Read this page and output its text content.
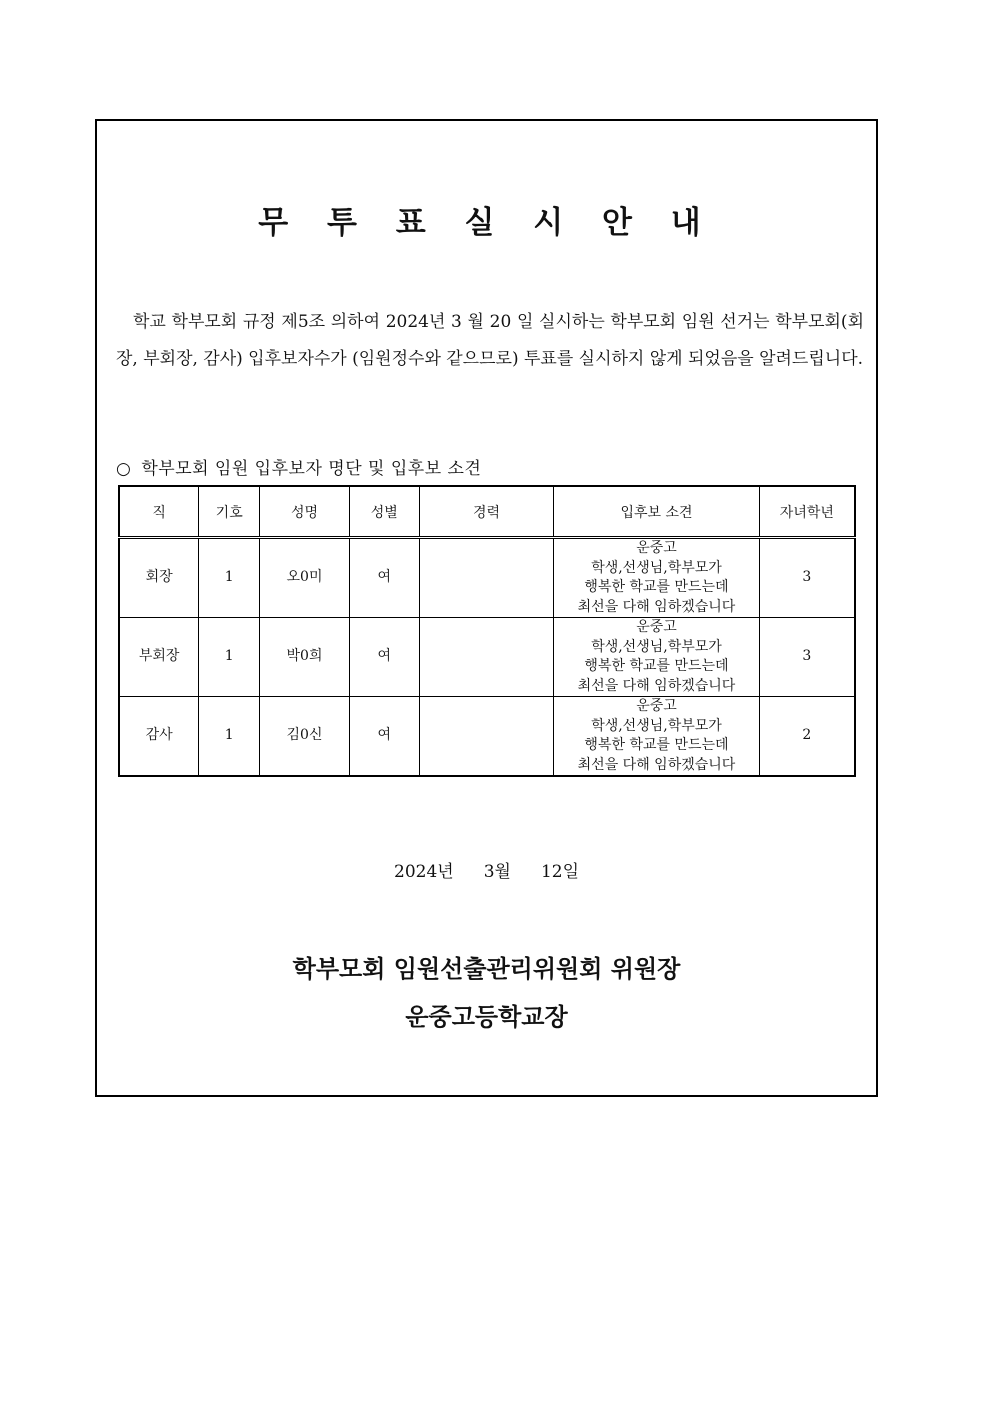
무 투 표 실 시 안 내
학교 학부모회 규정 제5조 의하여 2024년 3 월 20 일 실시하는 학부모회 임원 선거는 학부모회(회장, 부회장, 감사) 입후보자수가 (임원정수와 같으므로) 투표를 실시하지 않게 되었음을 알려드립니다.
○ 학부모회 임원 입후보자 명단 및 입후보 소견
직	기호	성명	성별	경력	입후보 소견	자녀학년
회장	1	오0미	여		운중고
학생,선생님,학부모가
행복한 학교를 만드는데
최선을 다해 임하겠습니다	3
부회장	1	박0희	여		운중고
학생,선생님,학부모가
행복한 학교를 만드는데
최선을 다해 임하겠습니다	3
감사	1	김0신	여		운중고
학생,선생님,학부모가
행복한 학교를 만드는데
최선을 다해 임하겠습니다	2
2024년 3월 12일
학부모회 임원선출관리위원회 위원장
운중고등학교장
